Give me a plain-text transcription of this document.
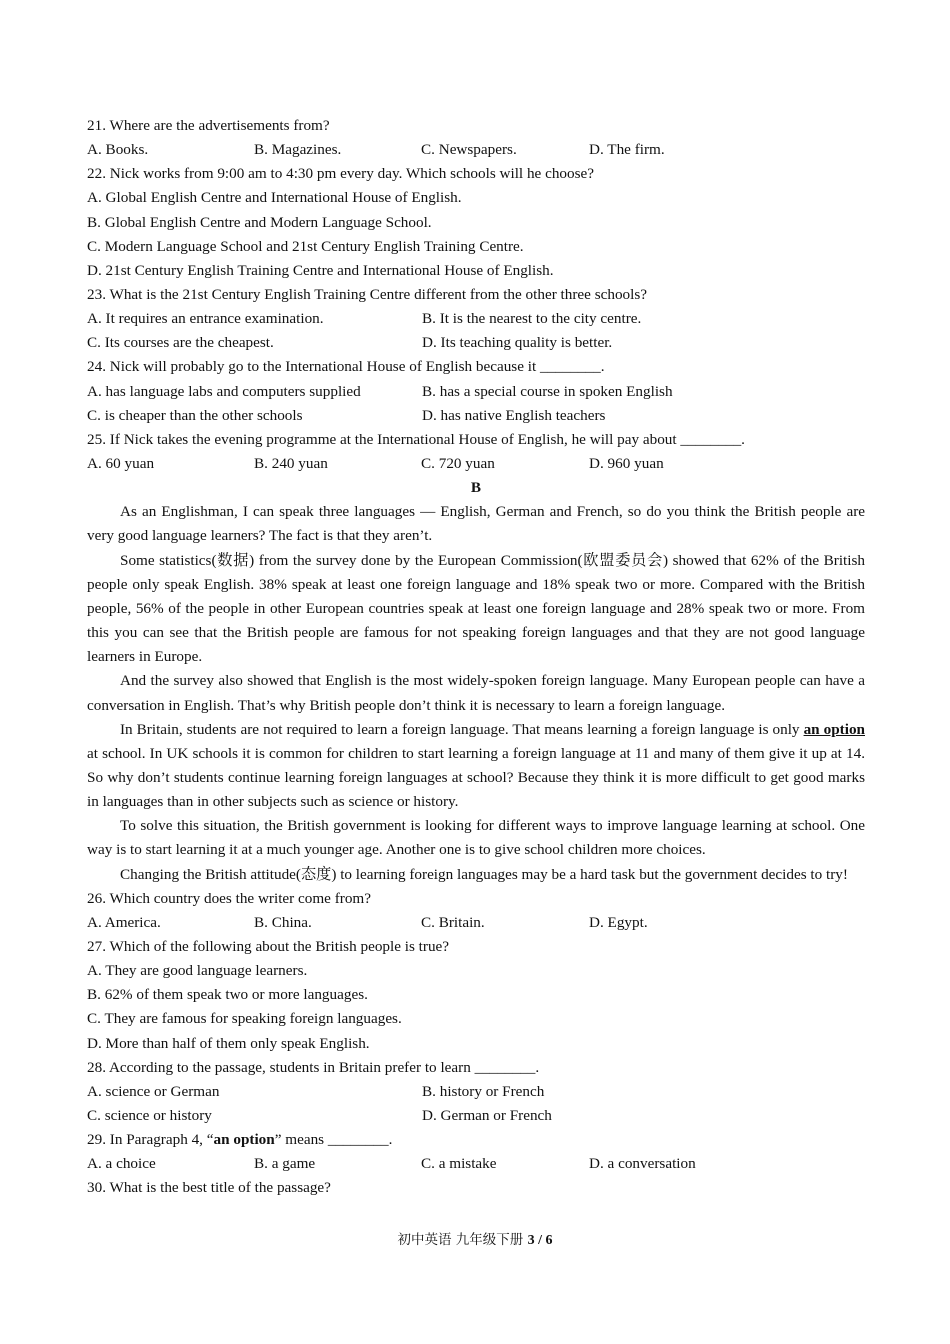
21. Where are the advertisements from?
A. Books.	B. Magazines.	C. Newspapers.	D. The firm.
22. Nick works from 9:00 am to 4:30 pm every day. Which schools will he choose?
A. Global English Centre and International House of English.
B. Global English Centre and Modern Language School.
C. Modern Language School and 21st Century English Training Centre.
D. 21st Century English Training Centre and International House of English.
23. What is the 21st Century English Training Centre different from the other three schools?
A. It requires an entrance examination.	B. It is the nearest to the city centre.
C. Its courses are the cheapest.	D. Its teaching quality is better.
24. Nick will probably go to the International House of English because it ________.
A. has language labs and computers supplied	B. has a special course in spoken English
C. is cheaper than the other schools	D. has native English teachers
25. If Nick takes the evening programme at the International House of English, he will pay about ________.
A. 60 yuan	B. 240 yuan	C. 720 yuan	D. 960 yuan
B

As an Englishman, I can speak three languages — English, German and French, so do you think the British people are very good language learners? The fact is that they aren’t.

Some statistics(数据) from the survey done by the European Commission(欧盟委员会) showed that 62% of the British people only speak English. 38% speak at least one foreign language and 18% speak two or more. Compared with the British people, 56% of the people in other European countries speak at least one foreign language and 28% speak two or more. From this you can see that the British people are famous for not speaking foreign languages and that they are not good language learners in Europe.

And the survey also showed that English is the most widely-spoken foreign language. Many European people can have a conversation in English. That’s why British people don’t think it is necessary to learn a foreign language.

In Britain, students are not required to learn a foreign language. That means learning a foreign language is only an option at school. In UK schools it is common for children to start learning a foreign language at 11 and many of them give it up at 14. So why don’t students continue learning foreign languages at school? Because they think it is more difficult to get good marks in languages than in other subjects such as science or history.

To solve this situation, the British government is looking for different ways to improve language learning at school. One way is to start learning it at a much younger age. Another one is to give school children more choices.

Changing the British attitude(态度) to learning foreign languages may be a hard task but the government decides to try!

26. Which country does the writer come from?
A. America.	B. China.	C. Britain.	D. Egypt.
27. Which of the following about the British people is true?
A. They are good language learners.
B. 62% of them speak two or more languages.
C. They are famous for speaking foreign languages.
D. More than half of them only speak English.
28. According to the passage, students in Britain prefer to learn ________.
A. science or German	B. history or French
C. science or history	D. German or French
29. In Paragraph 4, “an option” means ________.
A. a choice	B. a game	C. a mistake	D. a conversation
30. What is the best title of the passage?
初中英语 九年级下册 3 / 6
